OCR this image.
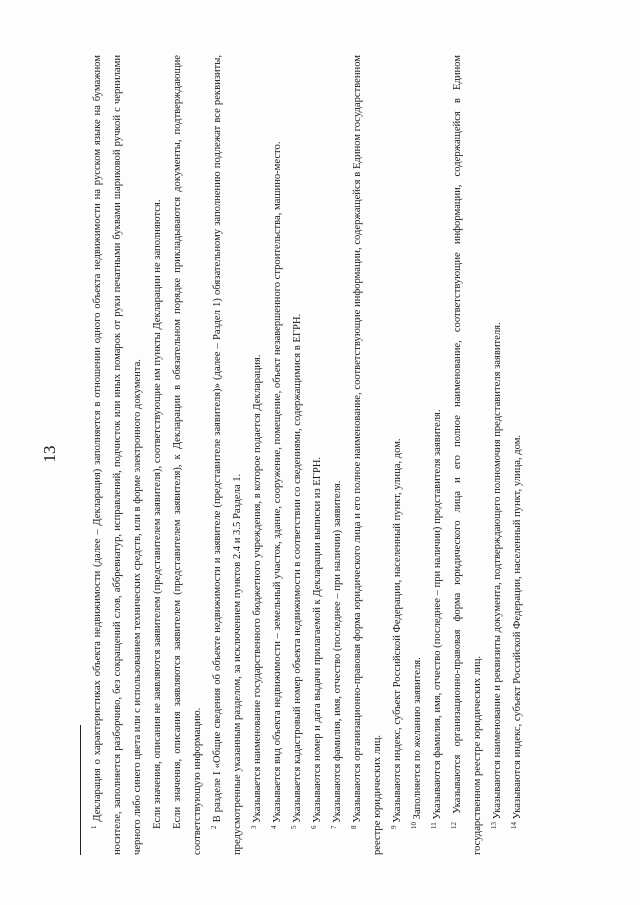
13

$^1$ Декларация о характеристиках объекта недвижимости (далее – Декларация) заполняется в отношении одного объекта недвижимости на русском языке на бумажном носителе, заполняется разборчиво, без сокращений слов, аббревиатур, исправлений, подчисток или иных помарок от руки печатными буквами шариковой ручкой с чернилами черного либо синего цвета или с использованием технических средств, или в форме электронного документа. Если значения, описания не заявляются заявителем (представителем заявителя), соответствующие им пункты Декларации не заполняются. Если значения, описания заявляются заявителем (представителем заявителя), к Декларации в обязательном порядке прикладываются документы, подтверждающие соответствующую информацию.	$^2$ В разделе I «Общие сведения об объекте недвижимости и заявителе (представителе заявителя)» (далее – Раздел 1) обязательному заполнению подлежат все реквизиты, предусмотренные указанным разделом, за исключением пунктов 2.4 и 3.5 Раздела 1.	$^3$ Указывается наименование государственного бюджетного учреждения, в которое подается Декларация.

$^4$ Указывается вид объекта недвижимости – земельный участок, здание, сооружение, помещение, объект незавершенного строительства, машино-место.

$^5$ Указывается кадастровый номер объекта недвижимости в соответствии со сведениями, содержащимися в ЕГРН.

$^6$ Указываются номер и дата выдачи прилагаемой к Декларации выписки из ЕГРН.

$^7$ Указываются фамилия, имя, отчество (последнее – при наличии) заявителя.

$^8$ Указываются организационно-правовая форма юридического лица и его полное наименование, соответствующие информации, содержащейся в Едином государственном реестре юридических лиц.	$^9$ Указываются индекс, субъект Российской Федерации, населенный пункт, улица, дом.

$^{10}$ Заполняется по желанию заявителя.

$^{11}$ Указываются фамилия, имя, отчество (последнее – при наличии) представителя заявителя.

$^{12}$ Указываются организационно-правовая форма юридического лица и его полное наименование, соответствующие информации, содержащейся в Едином государственном реестре юридических лиц.	$^{13}$ Указываются наименование и реквизиты документа, подтверждающего полномочия представителя заявителя.

$^{14}$ Указываются индекс, субъект Российской Федерации, населенный пункт, улица, дом.
